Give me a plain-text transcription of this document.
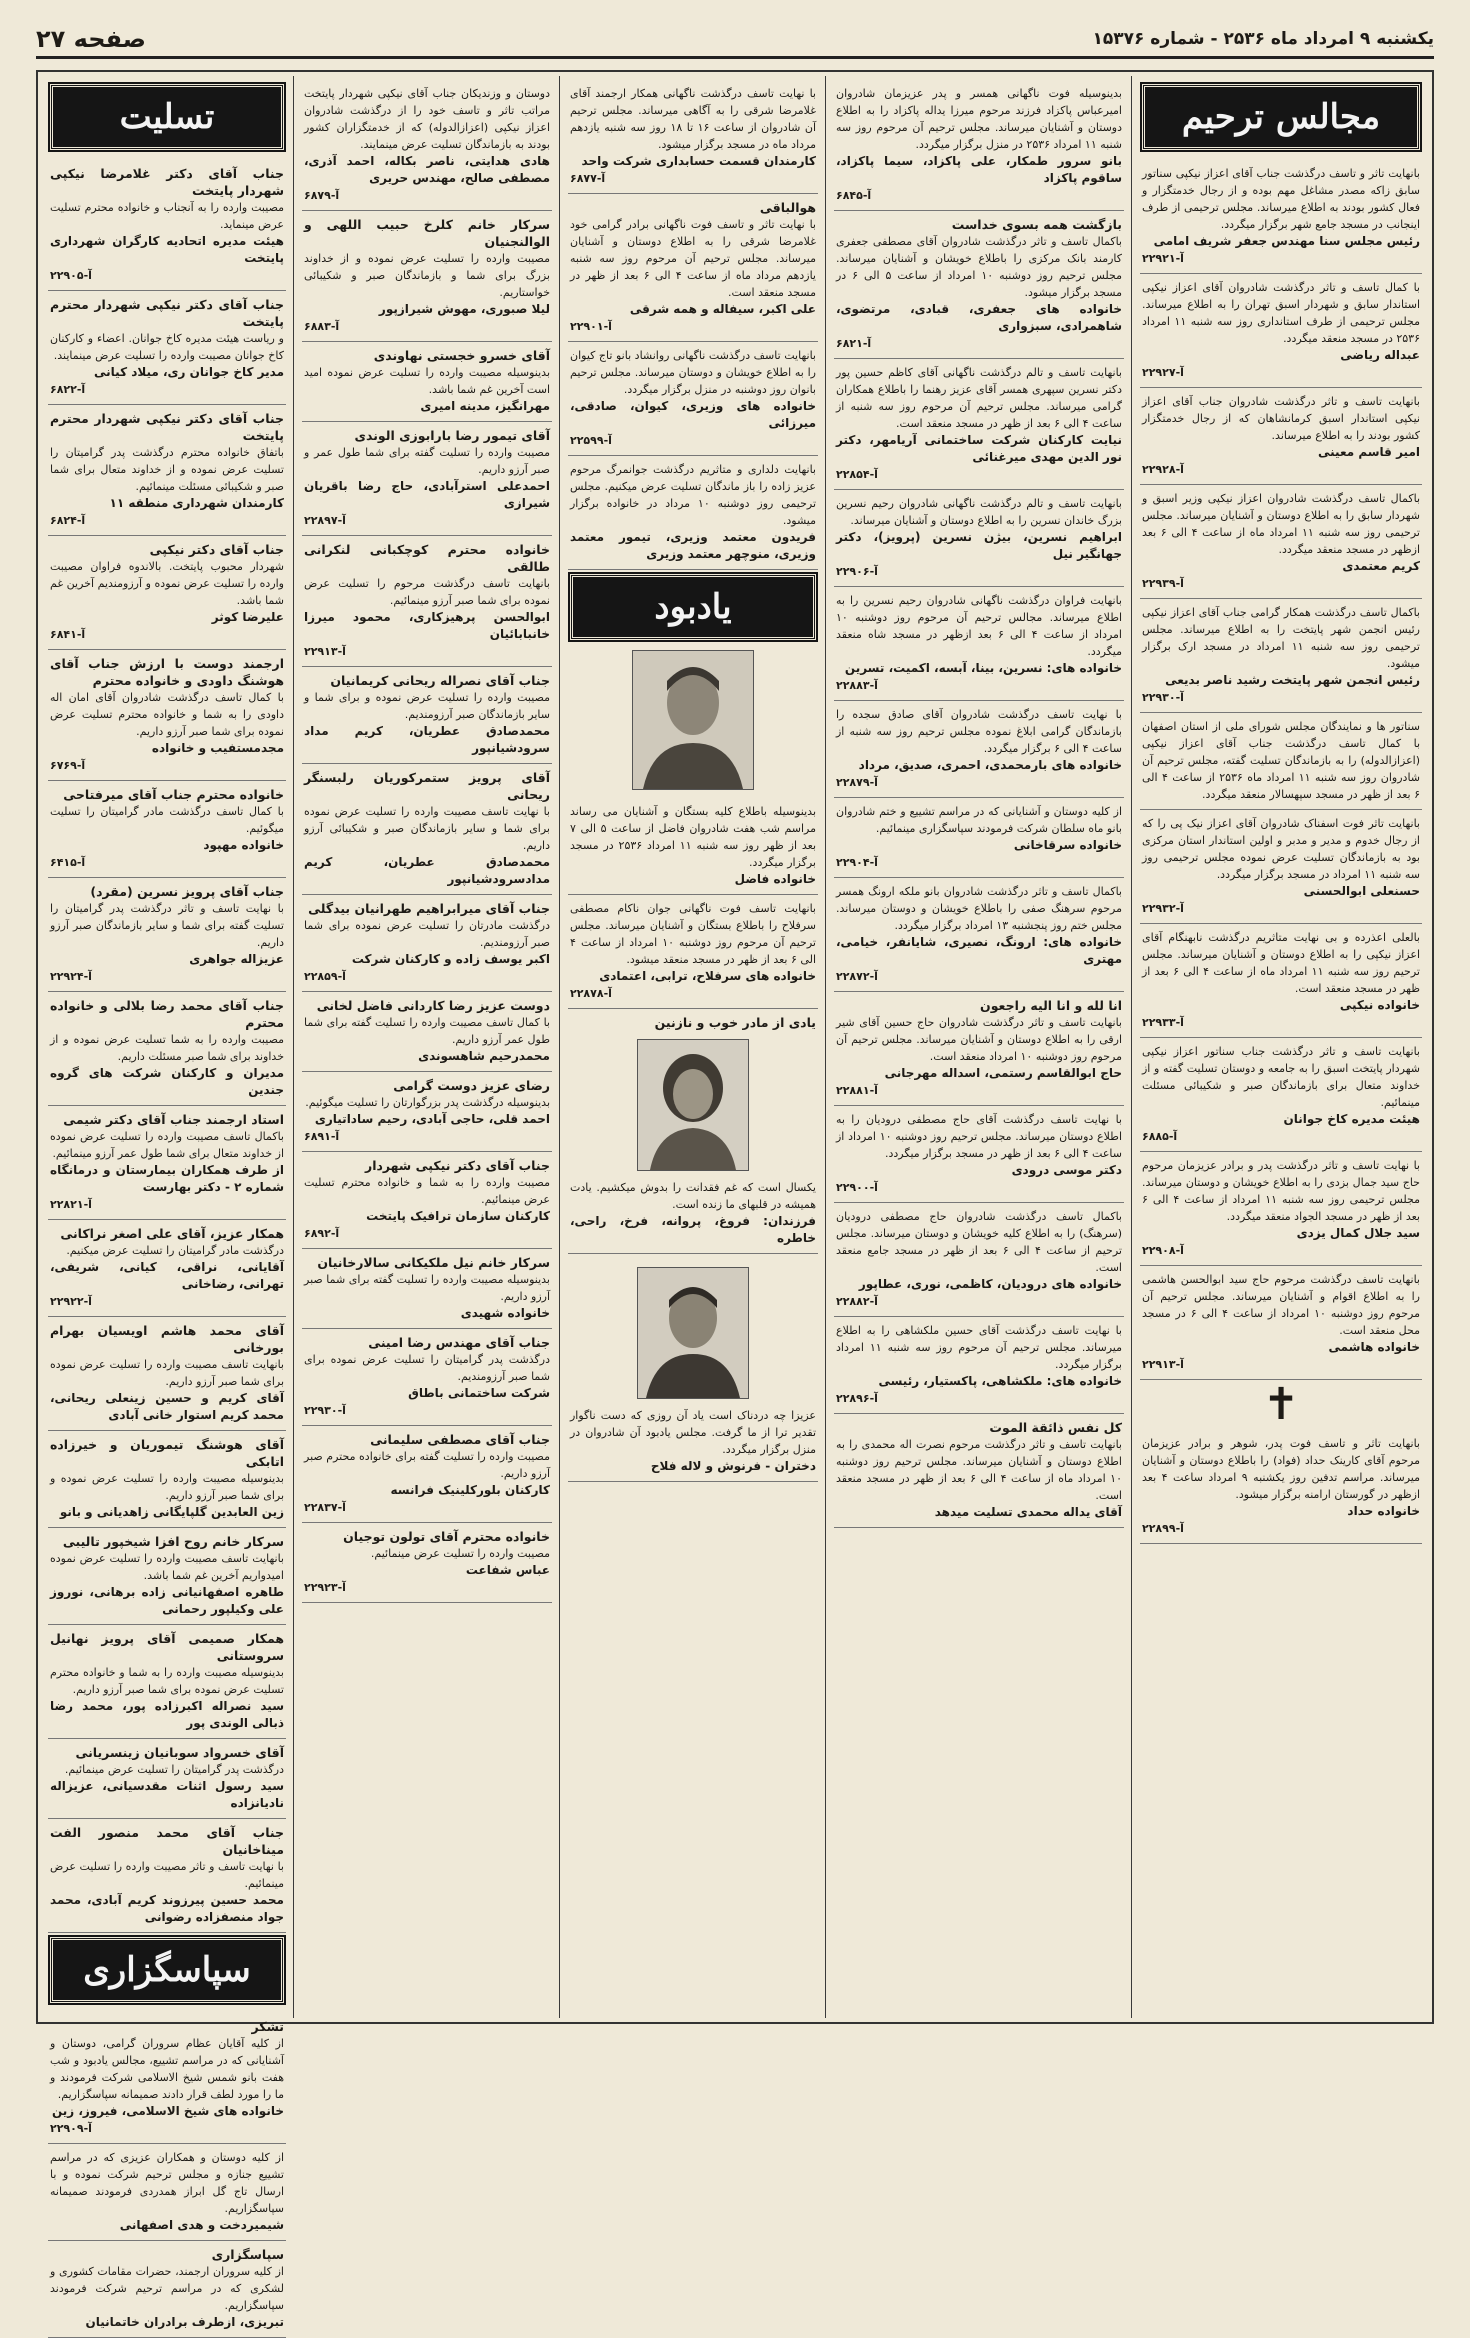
یکشنبه ۹ امرداد ماه ۲۵۳۶ - شماره ۱۵۳۷۶
صفحه ۲۷
مجالس ترحیم
بانهایت تاثر و تاسف درگذشت جناب آقای اعزاز نیکپی سناتور سابق زاکه مصدر مشاغل مهم بوده و از رجال خدمتگزار و فعال کشور بودند به اطلاع میرساند. مجلس ترحیمی از طرف اینجانب در مسجد جامع شهر برگزار میگردد.
رئیس مجلس سنا مهندس جعفر شریف امامی
آ-۲۲۹۲۱
با کمال تاسف و تاثر درگذشت شادروان آقای اعزاز نیکپی استاندار سابق و شهردار اسبق تهران را به اطلاع میرساند. مجلس ترحیمی از طرف استانداری روز سه شنبه ۱۱ امرداد ۲۵۳۶ در مسجد منعقد میگردد.
عبداله ریاضی
آ-۲۲۹۲۷
بانهایت تاسف و تاثر درگذشت شادروان جناب آقای اعزاز نیکپی استاندار اسبق کرمانشاهان که از رجال خدمتگزار کشور بودند را به اطلاع میرساند.
امیر قاسم معینی
آ-۲۲۹۲۸
باکمال تاسف درگذشت شادروان اعزاز نیکپی وزیر اسبق و شهردار سابق را به اطلاع دوستان و آشنایان میرساند. مجلس ترحیمی روز سه شنبه ۱۱ امرداد ماه از ساعت ۴ الی ۶ بعد ازظهر در مسجد منعقد میگردد.
کریم معتمدی
آ-۲۲۹۳۹
باکمال تاسف درگذشت همکار گرامی جناب آقای اعزاز نیکپی رئیس انجمن شهر پایتخت را به اطلاع میرساند. مجلس ترحیمی روز سه شنبه ۱۱ امرداد در مسجد ارک برگزار میشود.
رئیس انجمن شهر پایتخت رشید ناصر بدیعی
آ-۲۲۹۳۰
سناتور ها و نمایندگان مجلس شورای ملی از استان اصفهان با کمال تاسف درگذشت جناب آقای اعزاز نیکپی (اعزازالدوله) را به بازماندگان تسلیت گفته، مجلس ترحیم آن شادروان روز سه شنبه ۱۱ امرداد ماه ۲۵۳۶ از ساعت ۴ الی ۶ بعد از ظهر در مسجد سپهسالار منعقد میگردد.
بانهایت تاثر فوت اسفناک شادروان آقای اعزاز نیک پی را که از رجال خدوم و مدیر و مدبر و اولین استاندار استان مرکزی بود به بازماندگان تسلیت عرض نموده مجلس ترحیمی روز سه شنبه ۱۱ امرداد در مسجد برگزار میگردد.
حسنعلی ابوالحسنی
آ-۲۲۹۳۲
بالعلی اعذرده و بی نهایت متاثریم درگذشت نابهنگام آقای اعزاز نیکپی را به اطلاع دوستان و آشنایان میرساند. مجلس ترحیم روز سه شنبه ۱۱ امرداد ماه از ساعت ۴ الی ۶ بعد از ظهر در مسجد منعقد است.
خانواده نیکپی
آ-۲۲۹۳۳
بانهایت تاسف و تاثر درگذشت جناب سناتور اعزاز نیکپی شهردار پایتخت اسبق را به جامعه و دوستان تسلیت گفته و از خداوند متعال برای بازماندگان صبر و شکیبائی مسئلت مینمائیم.
هیئت مدیره کاخ جوانان
آ-۶۸۸۵
با نهایت تاسف و تاثر درگذشت پدر و برادر عزیزمان مرحوم حاج سید جمال بزدی را به اطلاع خویشان و دوستان میرساند. مجلس ترحیمی روز سه شنبه ۱۱ امرداد از ساعت ۴ الی ۶ بعد از ظهر در مسجد الجواد منعقد میگردد.
سید جلال کمال یزدی
آ-۲۲۹۰۸
بانهایت تاسف درگذشت مرحوم حاج سید ابوالحسن هاشمی را به اطلاع اقوام و آشنایان میرساند. مجلس ترحیم آن مرحوم روز دوشنبه ۱۰ امرداد از ساعت ۴ الی ۶ در مسجد محل منعقد است.
خانواده هاشمی
آ-۲۲۹۱۳
✝
بانهایت تاثر و تاسف فوت پدر، شوهر و برادر عزیزمان مرحوم آقای کارینک حداد (فواد) را باطلاع دوستان و آشنایان میرساند. مراسم تدفین روز یکشنبه ۹ امرداد ساعت ۴ بعد ازظهر در گورستان ارامنه برگزار میشود.
خانواده حداد
آ-۲۲۸۹۹
بدینوسیله فوت ناگهانی همسر و پدر عزیزمان شادروان امیرعباس پاکزاد فرزند مرحوم میرزا یداله پاکزاد را به اطلاع دوستان و آشنایان میرساند. مجلس ترحیم آن مرحوم روز سه شنبه ۱۱ امرداد ۲۵۳۶ در منزل برگزار میگردد.
بانو سرور طمکار، علی پاکزاد، سیما پاکزاد، ساقوم پاکزاد
آ-۶۸۴۵
بازگشت همه بسوی خداست
باکمال تاسف و تاثر درگذشت شادروان آقای مصطفی جعفری کارمند بانک مرکزی را باطلاع خویشان و آشنایان میرساند. مجلس ترحیم روز دوشنبه ۱۰ امرداد از ساعت ۵ الی ۶ در مسجد برگزار میشود.
خانواده های جعفری، قبادی، مرتضوی، شاهمرادی، سبزواری
آ-۶۸۲۱
بانهایت تاسف و تالم درگذشت ناگهانی آقای کاظم حسین پور دکتر نسرین سپهری همسر آقای عزیز رهنما را باطلاع همکاران گرامی میرساند. مجلس ترحیم آن مرحوم روز سه شنبه از ساعت ۴ الی ۶ بعد از ظهر در مسجد منعقد است.
نیایت کارکنان شرکت ساختمانی آریامهر، دکتر نور الدین مهدی میرغنائی
آ-۲۲۸۵۴
بانهایت تاسف و تالم درگذشت ناگهانی شادروان رحیم نسرین بزرگ خاندان نسرین را به اطلاع دوستان و آشنایان میرساند.
ابراهیم نسرین، بیژن نسرین (پرویز)، دکتر جهانگیر نیل
آ-۲۲۹۰۶
بانهایت فراوان درگذشت ناگهانی شادروان رحیم نسرین را به اطلاع میرساند. مجالس ترحیم آن مرحوم روز دوشنبه ۱۰ امرداد از ساعت ۴ الی ۶ بعد ازظهر در مسجد شاه منعقد میگردد.
خانواده های: نسرین، بینا، آبسه، اکمیت، تسرین
آ-۲۲۸۸۳
با نهایت تاسف درگذشت شادروان آقای صادق سجده را بازماندگان گرامی ابلاغ نموده مجلس ترحیم روز سه شنبه از ساعت ۴ الی ۶ برگزار میگردد.
خانواده های بارمحمدی، احمری، صدیق، مرداد
آ-۲۲۸۷۹
از کلیه دوستان و آشنایانی که در مراسم تشییع و ختم شادروان بانو ماه سلطان شرکت فرمودند سپاسگزاری مینمائیم.
خانواده سرقاخانی
آ-۲۲۹۰۴
باکمال تاسف و تاثر درگذشت شادروان بانو ملکه ارونگ همسر مرحوم سرهنگ صفی را باطلاع خویشان و دوستان میرساند. مجلس ختم روز پنجشنبه ۱۳ امرداد برگزار میگردد.
خانواده های: ارونگ، نصیری، شایانفر، خیامی، مهتری
آ-۲۲۸۷۲
انا لله و انا الیه راجعون
بانهایت تاسف و تاثر درگذشت شادروان حاج حسین آقای شیر ارقی را به اطلاع دوستان و آشنایان میرساند. مجلس ترحیم آن مرحوم روز دوشنبه ۱۰ امرداد منعقد است.
حاج ابوالقاسم رستمی، اسداله مهرجانی
آ-۲۲۸۸۱
با نهایت تاسف درگذشت آقای حاج مصطفی درودیان را به اطلاع دوستان میرساند. مجلس ترحیم روز دوشنبه ۱۰ امرداد از ساعت ۴ الی ۶ بعد از ظهر در مسجد برگزار میگردد.
دکتر موسی درودی
آ-۲۲۹۰۰
باکمال تاسف درگذشت شادروان حاج مصطفی درودیان (سرهنگ) را به اطلاع کلیه خویشان و دوستان میرساند. مجلس ترحیم از ساعت ۴ الی ۶ بعد از ظهر در مسجد جامع منعقد است.
خانواده های درودیان، کاظمی، نوری، عطاپور
آ-۲۲۸۸۲
با نهایت تاسف درگذشت آقای حسین ملکشاهی را به اطلاع میرساند. مجلس ترحیم آن مرحوم روز سه شنبه ۱۱ امرداد برگزار میگردد.
خانواده های: ملکشاهی، پاکستیار، رئیسی
آ-۲۲۸۹۶
کل نفس ذائقة الموت
بانهایت تاسف و تاثر درگذشت مرحوم نصرت اله محمدی را به اطلاع دوستان و آشنایان میرساند. مجلس ترحیم روز دوشنبه ۱۰ امرداد ماه از ساعت ۴ الی ۶ بعد از ظهر در مسجد منعقد است.
آقای یداله محمدی تسلیت میدهد
با نهایت تاسف درگذشت ناگهانی همکار ارجمند آقای غلامرضا شرقی را به آگاهی میرساند. مجلس ترحیم آن شادروان از ساعت ۱۶ تا ۱۸ روز سه شنبه یازدهم مرداد ماه در مسجد برگزار میشود.
کارمندان قسمت حسابداری شرکت واحد
آ-۶۸۷۷
هوالباقی
با نهایت تاثر و تاسف فوت ناگهانی برادر گرامی خود غلامرضا شرقی را به اطلاع دوستان و آشنایان میرساند. مجلس ترحیم آن مرحوم روز سه شنبه یازدهم مرداد ماه از ساعت ۴ الی ۶ بعد از ظهر در مسجد منعقد است.
علی اکبر، سیفاله و همه شرقی
آ-۲۲۹۰۱
بانهایت تاسف درگذشت ناگهانی روانشاد بانو تاج کیوان را به اطلاع خویشان و دوستان میرساند. مجلس ترحیم بانوان روز دوشنبه در منزل برگزار میگردد.
خانواده های وزیری، کیوان، صادقی، میرزائی
آ-۲۲۵۹۹
بانهایت دلداری و متاثریم درگذشت جوانمرگ مرحوم عزیز زاده را باز ماندگان تسلیت عرض میکنیم. مجلس ترحیمی روز دوشنبه ۱۰ مرداد در خانواده برگزار میشود.
فریدون معتمد وزیری، تیمور معتمد وزیری، منوچهر معتمد وزیری
یادبود
بدینوسیله باطلاع کلیه بستگان و آشنایان می رساند مراسم شب هفت شادروان فاضل از ساعت ۵ الی ۷ بعد از ظهر روز سه شنبه ۱۱ امرداد ۲۵۳۶ در مسجد برگزار میگردد.
خانواده فاضل
بانهایت تاسف فوت ناگهانی جوان ناکام مصطفی سرفلاح را باطلاع بستگان و آشنایان میرساند. مجلس ترحیم آن مرحوم روز دوشنبه ۱۰ امرداد از ساعت ۴ الی ۶ بعد از ظهر در مسجد منعقد میشود.
خانواده های سرفلاح، ترابی، اعتمادی
آ-۲۲۸۷۸
یادی از مادر خوب و نازنین
یکسال است که غم فقدانت را بدوش میکشیم. یادت همیشه در قلبهای ما زنده است.
فرزندان: فروغ، پروانه، فرخ، راحی، خاطره
عزیزا چه دردناک است یاد آن روزی که دست ناگوار تقدیر ترا از ما گرفت. مجلس یادبود آن شادروان در منزل برگزار میگردد.
دختران - فرنوش و لاله فلاح
دوستان و وزندیکان جناب آقای نیکپی شهردار پایتخت مراتب تاثر و تاسف خود را از درگذشت شادروان اعزاز نیکپی (اعزازالدوله) که از خدمتگزاران کشور بودند به بازماندگان تسلیت عرض مینمایند.
هادی هدایتی، ناصر بکاله، احمد آذری، مصطفی صالح، مهندس حریری
آ-۶۸۷۹
سرکار خانم کلرخ حبیب اللهی و الوالنجنیان
مصیبت وارده را تسلیت عرض نموده و از خداوند بزرگ برای شما و بازماندگان صبر و شکیبائی خواستاریم.
لیلا صبوری، مهوش شیرازپور
آ-۶۸۸۳
آقای خسرو خجستی نهاوندی
بدینوسیله مصیبت وارده را تسلیت عرض نموده امید است آخرین غم شما باشد.
مهرانگیز، مدینه امیری
آقای تیمور رضا بارابوزی الوندی
مصیبت وارده را تسلیت گفته برای شما طول عمر و صبر آرزو داریم.
احمدعلی استرآبادی، حاج رضا باقریان شیرازی
آ-۲۲۸۹۷
خانواده محترم کوچکبانی لنکرانی طالقی
بانهایت تاسف درگذشت مرحوم را تسلیت عرض نموده برای شما صبر آرزو مینمائیم.
ابوالحسن پرهیزکاری، محمود میرزا خانبابائیان
آ-۲۲۹۱۳
جناب آقای نصراله ریحانی کریمانیان
مصیبت وارده را تسلیت عرض نموده و برای شما و سایر بازماندگان صبر آرزومندیم.
محمدصادق عطریان، کریم مداد سرودشیانپور
آقای پرویز ستمرکوریان رلبسنگر ریحانی
با نهایت تاسف مصیبت وارده را تسلیت عرض نموده برای شما و سایر بازماندگان صبر و شکیبائی آرزو داریم.
محمدصادق عطریان، کریم مدادسرودشیانپور
جناب آقای میرابراهیم طهرانیان بیدگلی
درگذشت مادرتان را تسلیت عرض نموده برای شما صبر آرزومندیم.
اکبر یوسف زاده و کارکنان شرکت
آ-۲۲۸۵۹
دوست عزیز رضا کاردانی فاضل لخانی
با کمال تاسف مصیبت وارده را تسلیت گفته برای شما طول عمر آرزو داریم.
محمدرحیم شاهسوندی
رضای عزیز دوست گرامی
بدینوسیله درگذشت پدر بزرگوارتان را تسلیت میگوئیم.
احمد قلی، حاجی آبادی، رحیم ساداتیاری
آ-۶۸۹۱
جناب آقای دکتر نیکپی شهردار
مصیبت وارده را به شما و خانواده محترم تسلیت عرض مینمائیم.
کارکنان سازمان ترافیک پایتخت
آ-۶۸۹۲
سرکار خانم نیل ملکیکانی سالارخانیان
بدینوسیله مصیبت وارده را تسلیت گفته برای شما صبر آرزو داریم.
خانواده شهیدی
جناب آقای مهندس رضا امینی
درگذشت پدر گرامیتان را تسلیت عرض نموده برای شما صبر آرزومندیم.
شرکت ساختمانی باطاق
آ-۲۲۹۳۰
جناب آقای مصطفی سلیمانی
مصیبت وارده را تسلیت گفته برای خانواده محترم صبر آرزو داریم.
کارکنان بلورکلینیک فرانسه
آ-۲۲۸۳۷
خانواده محترم آقای تولون توجیان
مصیبت وارده را تسلیت عرض مینمائیم.
عباس شفاعت
آ-۲۲۹۲۳
تسلیت
جناب آقای دکتر غلامرضا نیکپی شهردار پایتخت
مصیبت وارده را به آنجناب و خانواده محترم تسلیت عرض مینماید.
هیئت مدیره اتحادیه کارگران شهرداری پایتخت
آ-۲۲۹۰۵
جناب آقای دکتر نیکپی شهردار محترم پایتخت
و ریاست هیئت مدیره کاخ جوانان. اعضاء و کارکنان کاخ جوانان مصیبت وارده را تسلیت عرض مینمایند.
مدیر کاخ جوانان ری، میلاد کیانی
آ-۶۸۲۲
جناب آقای دکتر نیکپی شهردار محترم پایتخت
باتفاق خانواده محترم درگذشت پدر گرامیتان را تسلیت عرض نموده و از خداوند متعال برای شما صبر و شکیبائی مسئلت مینمائیم.
کارمندان شهرداری منطقه ۱۱
آ-۶۸۲۴
جناب آقای دکتر نیکپی
شهردار محبوب پایتخت. بالاندوه فراوان مصیبت وارده را تسلیت عرض نموده و آرزومندیم آخرین غم شما باشد.
علیرضا کوثر
آ-۶۸۴۱
ارجمند دوست با ارزش جناب آقای هوشنگ داودی و خانواده محترم
با کمال تاسف درگذشت شادروان آقای امان اله داودی را به شما و خانواده محترم تسلیت عرض نموده برای شما صبر آرزو داریم.
مجدمستفیب و خانواده
آ-۶۷۶۹
خانواده محترم جناب آقای میرفتاحی
با کمال تاسف درگذشت مادر گرامیتان را تسلیت میگوئیم.
خانواده مهپود
آ-۶۴۱۵
جناب آقای پرویز نسرین (مقرد)
با نهایت تاسف و تاثر درگذشت پدر گرامیتان را تسلیت گفته برای شما و سایر بازماندگان صبر آرزو داریم.
عزیزاله جواهری
آ-۲۲۹۲۴
جناب آقای محمد رضا بلالی و خانواده محترم
مصیبت وارده را به شما تسلیت عرض نموده و از خداوند برای شما صبر مسئلت داریم.
مدیران و کارکنان شرکت های گروه جندین
استاد ارجمند جناب آقای دکتر شیمی
باکمال تاسف مصیبت وارده را تسلیت عرض نموده از خداوند متعال برای شما طول عمر آرزو مینمائیم.
از طرف همکاران بیمارستان و درمانگاه شماره ۲ - دکتر بهارست
آ-۲۲۸۲۱
همکار عزیز، آقای علی اصغر نراکانی
درگذشت مادر گرامیتان را تسلیت عرض میکنیم.
آقایانی، نراقی، کیانی، شریفی، تهرانی، رضاخانی
آ-۲۲۹۲۲
آقای محمد هاشم اویسیان بهرام بورخانی
بانهایت تاسف مصیبت وارده را تسلیت عرض نموده برای شما صبر آرزو داریم.
آقای کریم و حسین زینعلی ریحانی، محمد کریم استوار خانی آبادی
آقای هوشنگ تیموریان و خیرزاده اتابکی
بدینوسیله مصیبت وارده را تسلیت عرض نموده و برای شما صبر آرزو داریم.
زین العابدین گلپایگانی زاهدیانی و بانو
سرکار خانم روح افزا شیخپور تالیبی
بانهایت تاسف مصیبت وارده را تسلیت عرض نموده امیدواریم آخرین غم شما باشد.
طاهره اصفهانیانی زاده برهانی، نوروز علی وکیلپور رحمانی
همکار صمیمی آقای پرویز نهانیل سروستانی
بدینوسیله مصیبت وارده را به شما و خانواده محترم تسلیت عرض نموده برای شما صبر آرزو داریم.
سید نصراله اکبرزاده پور، محمد رضا ذبالی الوندی پور
آقای خسرواد سوبانیان زینسریانی
درگذشت پدر گرامیتان را تسلیت عرض مینمائیم.
سید رسول اثنات مقدسیانی، عزیزاله نادیانزاده
جناب آقای محمد منصور الفت میناخانیان
با نهایت تاسف و تاثر مصیبت وارده را تسلیت عرض مینمائیم.
محمد حسین پیرزوند کریم آبادی، محمد جواد منصفزاده رضوانی
سپاسگزاری
تشکر
از کلیه آقایان عظام سروران گرامی، دوستان و آشنایانی که در مراسم تشییع، مجالس یادبود و شب هفت بانو شمس شیخ الاسلامی شرکت فرمودند و ما را مورد لطف قرار دادند صمیمانه سپاسگزاریم.
خانواده های شیخ الاسلامی، فیروز، زین
آ-۲۲۹۰۹
از کلیه دوستان و همکاران عزیزی که در مراسم تشییع جنازه و مجلس ترحیم شرکت نموده و با ارسال تاج گل ابراز همدردی فرمودند صمیمانه سپاسگزاریم.
شیمیردخت و هدی اصفهانی
سپاسگزاری
از کلیه سروران ارجمند، حضرات مقامات کشوری و لشکری که در مراسم ترحیم شرکت فرمودند سپاسگزاریم.
تبریزی، ازطرف برادران خاتمانیان
